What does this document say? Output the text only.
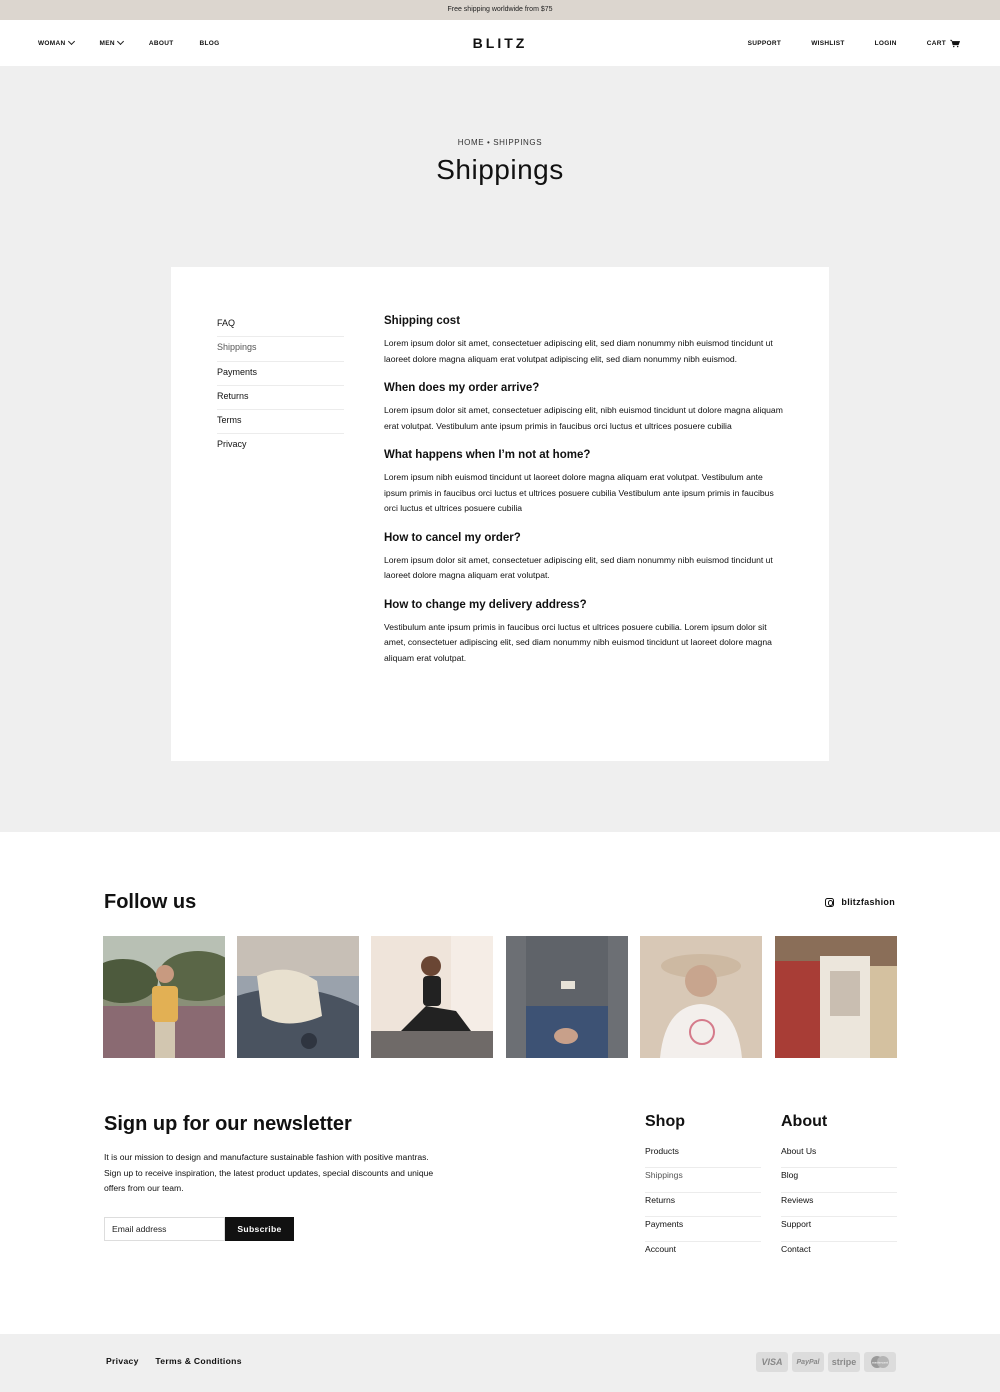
Free shipping worldwide from $75
WOMAN	MEN	ABOUT	BLOG	BLITZ	SUPPORT	WISHLIST	LOGIN	CART
HOME • SHIPPINGS
Shippings
FAQ
Shippings
Payments
Returns
Terms
Privacy
Shipping cost

Lorem ipsum dolor sit amet, consectetuer adipiscing elit, sed diam nonummy nibh euismod tincidunt ut laoreet dolore magna aliquam erat volutpat adipiscing elit, sed diam nonummy nibh euismod.

When does my order arrive?

Lorem ipsum dolor sit amet, consectetuer adipiscing elit, nibh euismod tincidunt ut dolore magna aliquam erat volutpat. Vestibulum ante ipsum primis in faucibus orci luctus et ultrices posuere cubilia

What happens when I’m not at home?

Lorem ipsum nibh euismod tincidunt ut laoreet dolore magna aliquam erat volutpat. Vestibulum ante ipsum primis in faucibus orci luctus et ultrices posuere cubilia Vestibulum ante ipsum primis in faucibus orci luctus et ultrices posuere cubilia

How to cancel my order?

Lorem ipsum dolor sit amet, consectetuer adipiscing elit, sed diam nonummy nibh euismod tincidunt ut laoreet dolore magna aliquam erat volutpat.

How to change my delivery address?

Vestibulum ante ipsum primis in faucibus orci luctus et ultrices posuere cubilia. Lorem ipsum dolor sit amet, consectetuer adipiscing elit, sed diam nonummy nibh euismod tincidunt ut laoreet dolore magna aliquam erat volutpat.

Follow us	blitzfashion
Sign up for our newsletter

It is our mission to design and manufacture sustainable fashion with positive mantras. Sign up to receive inspiration, the latest product updates, special discounts and unique offers from our team.

Email address
Subscribe
Shop
Products
Shippings
Returns
Payments
Account
About
About Us
Blog
Reviews
Support
Contact
Privacy Terms & Conditions	VISA PayPal stripe	mastercard
